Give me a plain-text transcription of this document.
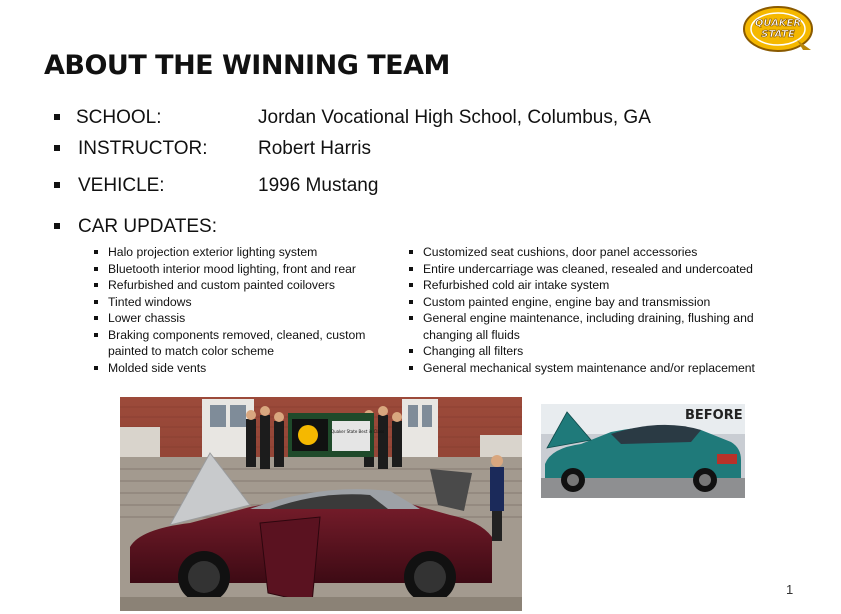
QUAKER
STATE
ABOUT THE WINNING TEAM
SCHOOL:	Jordan Vocational High School, Columbus, GA
INSTRUCTOR:	Robert Harris
VEHICLE:	1996 Mustang
CAR UPDATES:
Halo projection exterior lighting system
Bluetooth interior mood lighting, front and rear
Refurbished and custom painted coilovers
Tinted windows
Lower chassis
Braking components removed, cleaned, custom painted to match color scheme
Molded side vents
Customized seat cushions, door panel accessories
Entire undercarriage was cleaned, resealed and undercoated
Refurbished cold air intake system
Custom painted engine, engine bay and transmission
General engine maintenance, including draining, flushing and changing all fluids
Changing all filters
General mechanical system maintenance and/or replacement
Quaker State Best in Class
BEFORE
1
